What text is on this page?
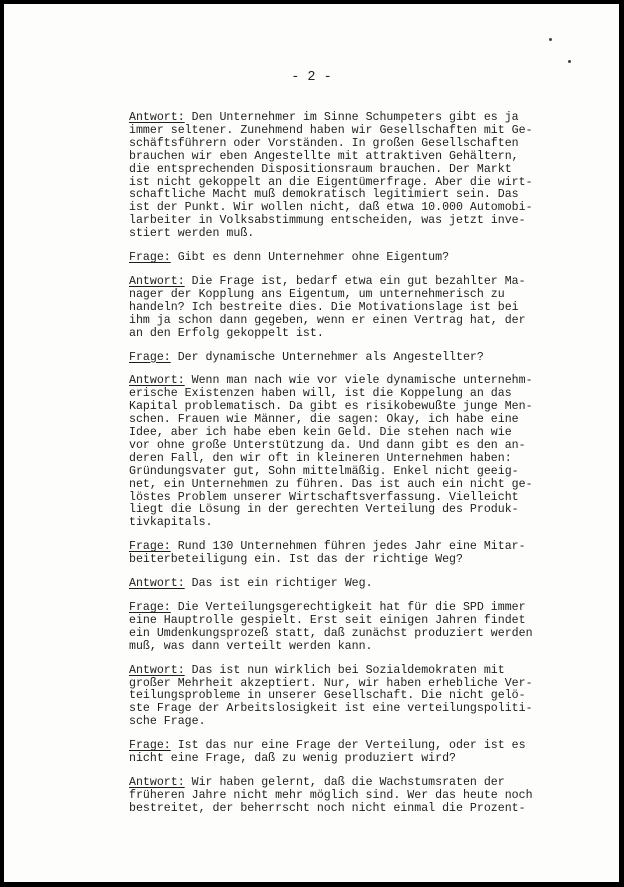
- 2 -

Antwort: Den Unternehmer im Sinne Schumpeters gibt es ja
immer seltener. Zunehmend haben wir Gesellschaften mit Ge-
schäftsführern oder Vorständen. In großen Gesellschaften
brauchen wir eben Angestellte mit attraktiven Gehältern,
die entsprechenden Dispositionsraum brauchen. Der Markt
ist nicht gekoppelt an die Eigentümerfrage. Aber die wirt-
schaftliche Macht muß demokratisch legitimiert sein. Das
ist der Punkt. Wir wollen nicht, daß etwa 10.000 Automobi-
larbeiter in Volksabstimmung entscheiden, was jetzt inve-
stiert werden muß.

Frage: Gibt es denn Unternehmer ohne Eigentum?

Antwort: Die Frage ist, bedarf etwa ein gut bezahlter Ma-
nager der Kopplung ans Eigentum, um unternehmerisch zu
handeln? Ich bestreite dies. Die Motivationslage ist bei
ihm ja schon dann gegeben, wenn er einen Vertrag hat, der
an den Erfolg gekoppelt ist.

Frage: Der dynamische Unternehmer als Angestellter?

Antwort: Wenn man nach wie vor viele dynamische unternehm-
erische Existenzen haben will, ist die Koppelung an das
Kapital problematisch. Da gibt es risikobewußte junge Men-
schen. Frauen wie Männer, die sagen: Okay, ich habe eine
Idee, aber ich habe eben kein Geld. Die stehen nach wie
vor ohne große Unterstützung da. Und dann gibt es den an-
deren Fall, den wir oft in kleineren Unternehmen haben:
Gründungsvater gut, Sohn mittelmäßig. Enkel nicht geeig-
net, ein Unternehmen zu führen. Das ist auch ein nicht ge-
löstes Problem unserer Wirtschaftsverfassung. Vielleicht
liegt die Lösung in der gerechten Verteilung des Produk-
tivkapitals.

Frage: Rund 130 Unternehmen führen jedes Jahr eine Mitar-
beiterbeteiligung ein. Ist das der richtige Weg?

Antwort: Das ist ein richtiger Weg.

Frage: Die Verteilungsgerechtigkeit hat für die SPD immer
eine Hauptrolle gespielt. Erst seit einigen Jahren findet
ein Umdenkungsprozeß statt, daß zunächst produziert werden
muß, was dann verteilt werden kann.

Antwort: Das ist nun wirklich bei Sozialdemokraten mit
großer Mehrheit akzeptiert. Nur, wir haben erhebliche Ver-
teilungsprobleme in unserer Gesellschaft. Die nicht gelö-
ste Frage der Arbeitslosigkeit ist eine verteilungspoliti-
sche Frage.

Frage: Ist das nur eine Frage der Verteilung, oder ist es
nicht eine Frage, daß zu wenig produziert wird?

Antwort: Wir haben gelernt, daß die Wachstumsraten der
früheren Jahre nicht mehr möglich sind. Wer das heute noch
bestreitet, der beherrscht noch nicht einmal die Prozent-
